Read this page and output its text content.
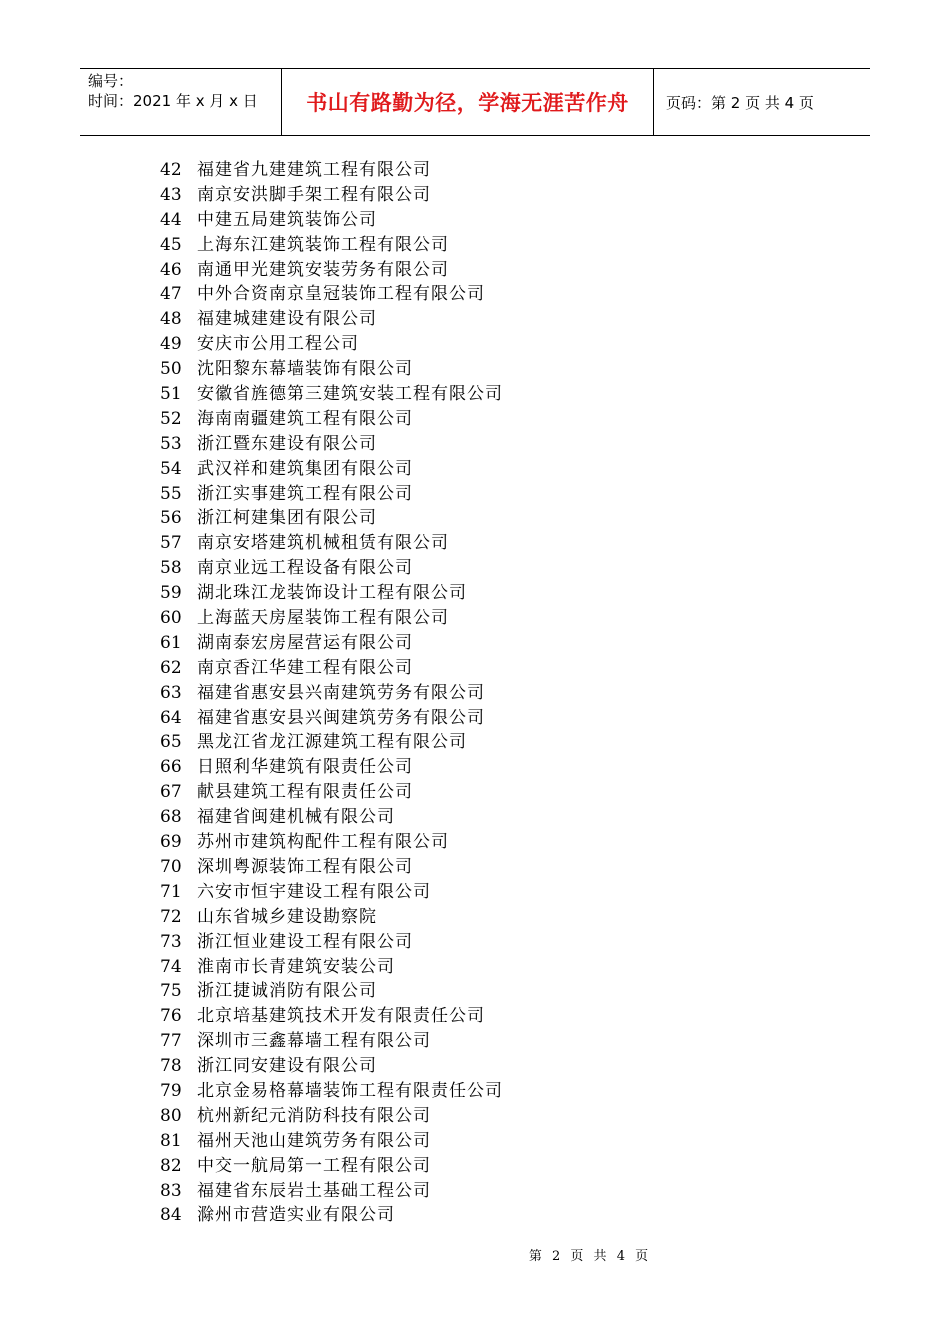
编号：
时间：2021 年 x 月 x 日	书山有路勤为径，学海无涯苦作舟	页码：第 2 页 共 4 页
42 福建省九建建筑工程有限公司
43 南京安洪脚手架工程有限公司
44 中建五局建筑装饰公司
45 上海东江建筑装饰工程有限公司
46 南通甲光建筑安装劳务有限公司
47 中外合资南京皇冠装饰工程有限公司
48 福建城建建设有限公司
49 安庆市公用工程公司
50 沈阳黎东幕墙装饰有限公司
51 安徽省旌德第三建筑安装工程有限公司
52 海南南疆建筑工程有限公司
53 浙江暨东建设有限公司
54 武汉祥和建筑集团有限公司
55 浙江实事建筑工程有限公司
56 浙江柯建集团有限公司
57 南京安塔建筑机械租赁有限公司
58 南京业远工程设备有限公司
59 湖北珠江龙装饰设计工程有限公司
60 上海蓝天房屋装饰工程有限公司
61 湖南泰宏房屋营运有限公司
62 南京香江华建工程有限公司
63 福建省惠安县兴南建筑劳务有限公司
64 福建省惠安县兴闽建筑劳务有限公司
65 黑龙江省龙江源建筑工程有限公司
66 日照利华建筑有限责任公司
67 献县建筑工程有限责任公司
68 福建省闽建机械有限公司
69 苏州市建筑构配件工程有限公司
70 深圳粤源装饰工程有限公司
71 六安市恒宇建设工程有限公司
72 山东省城乡建设勘察院
73 浙江恒业建设工程有限公司
74 淮南市长青建筑安装公司
75 浙江捷诚消防有限公司
76 北京培基建筑技术开发有限责任公司
77 深圳市三鑫幕墙工程有限公司
78 浙江同安建设有限公司
79 北京金易格幕墙装饰工程有限责任公司
80 杭州新纪元消防科技有限公司
81 福州天池山建筑劳务有限公司
82 中交一航局第一工程有限公司
83 福建省东辰岩土基础工程公司
84 滁州市营造实业有限公司
第 2 页 共 4 页
